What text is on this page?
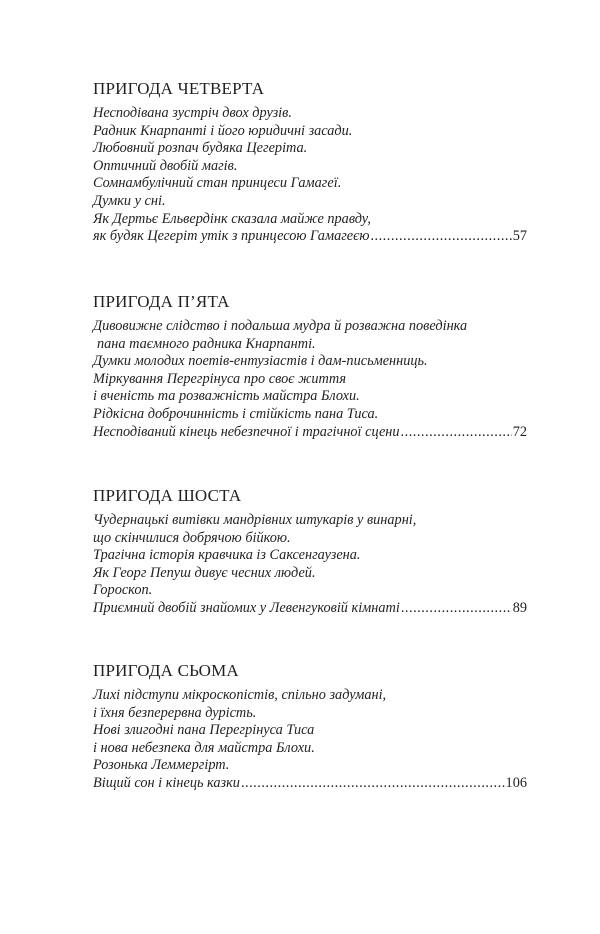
ПРИГОДА ЧЕТВЕРТА
Несподівана зустріч двох друзів.
Радник Кнарпанті і його юридичні засади.
Любовний розпач будяка Цегеріта.
Оптичний двобій магів.
Сомнамбулічний стан принцеси Гамагеї.
Думки у сні.
Як Дертьє Ельвердінк сказала майже правду,
як будяк Цегеріт утік з принцесою Гамагеєю .....	57
ПРИГОДА П’ЯТА
Дивовижне слідство і подальша мудра й розважна поведінка
пана таємного радника Кнарпанті.
Думки молодих поетів-ентузіастів і дам-письменниць.
Міркування Перегрінуса про своє життя
і вченість та розважність майстра Блохи.
Рідкісна доброчинність і стійкість пана Тиса.
Несподіваний кінець небезпечної і трагічної сцени .....	72
ПРИГОДА ШОСТА
Чудернацькі витівки мандрівних штукарів у винарні,
що скінчилися добрячою бійкою.
Трагічна історія кравчика із Саксенгаузена.
Як Георг Пепуш дивує чесних людей.
Гороскоп.
Приємний двобій знайомих у Левенгуковій кімнаті .....	89
ПРИГОДА СЬОМА
Лихі підступи мікроскопістів, спільно задумані,
і їхня безперервна дурість.
Нові злигодні пана Перегрінуса Тиса
і нова небезпека для майстра Блохи.
Розонька Леммергірт.
Віщий сон і кінець казки .....	106
